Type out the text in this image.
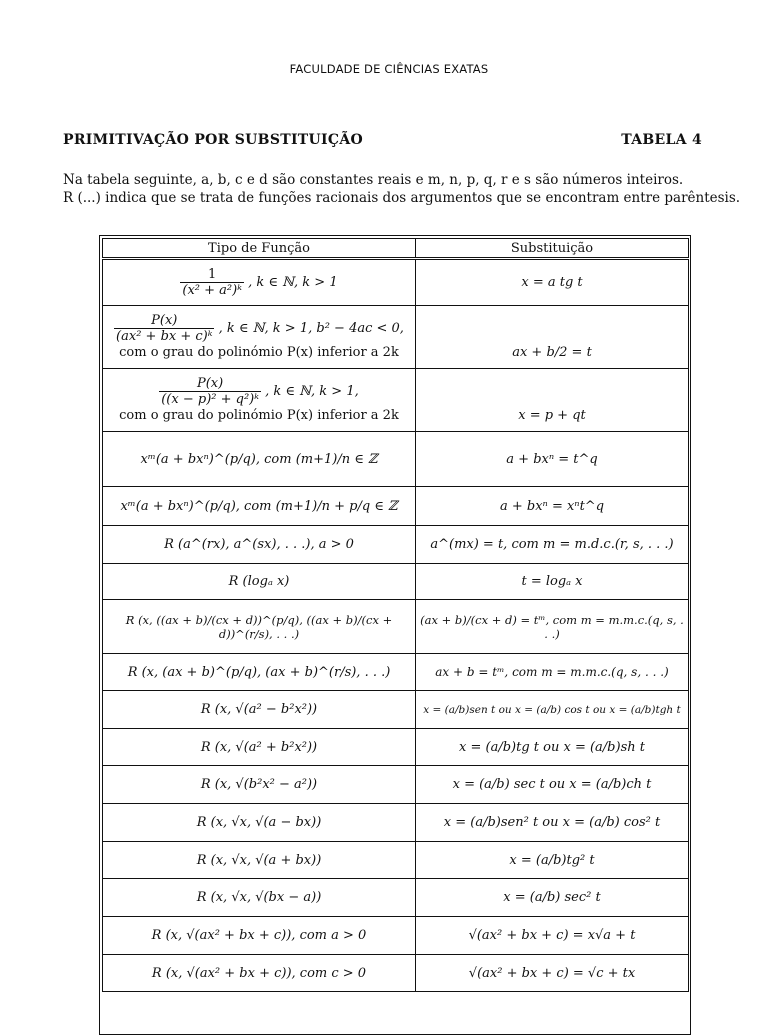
FACULDADE DE CIÊNCIAS EXATAS
PRIMITIVAÇÃO POR SUBSTITUIÇÃO	TABELA 4
Na tabela seguinte, a, b, c e d são constantes reais e m, n, p, q, r e s são números inteiros.
R (...) indica que se trata de funções racionais dos argumentos que se encontram entre parêntesis.
Tipo de Função	Substituição

$\frac{1}{\text{(x² + a²)ᵏ}}$ , k ∈ ℕ, k > 1	x = a tg t

$\frac{P(x)}{\text{(ax² + bx + c)ᵏ}}$ , k ∈ ℕ, k > 1, b² − 4ac < 0,
com o grau do polinómio P(x) inferior a 2k	ax + b/2 = t

$\frac{P(x)}{\text{((x − p)² + q²)ᵏ}}$ , k ∈ ℕ, k > 1,
com o grau do polinómio P(x) inferior a 2k	x = p + qt
xᵐ(a + bxⁿ)^(p/q), com (m+1)/n ∈ ℤ	a + bxⁿ = t^q
xᵐ(a + bxⁿ)^(p/q), com (m+1)/n + p/q ∈ ℤ	a + bxⁿ = xⁿt^q
R (a^(rx), a^(sx), . . .), a > 0	a^(mx) = t, com m = m.d.c.(r, s, . . .)
R (logₐ x)	t = logₐ x
R (x, ((ax + b)/(cx + d))^(p/q), ((ax + b)/(cx + d))^(r/s), . . .)	(ax + b)/(cx + d) = tᵐ, com m = m.m.c.(q, s, . . .)
R (x, (ax + b)^(p/q), (ax + b)^(r/s), . . .)	ax + b = tᵐ, com m = m.m.c.(q, s, . . .)
R (x, √(a² − b²x²))	x = (a/b)sen t ou x = (a/b) cos t ou x = (a/b)tgh t
R (x, √(a² + b²x²))	x = (a/b)tg t ou x = (a/b)sh t
R (x, √(b²x² − a²))	x = (a/b) sec t ou x = (a/b)ch t
R (x, √x, √(a − bx))	x = (a/b)sen² t ou x = (a/b) cos² t
R (x, √x, √(a + bx))	x = (a/b)tg² t
R (x, √x, √(bx − a))	x = (a/b) sec² t
R (x, √(ax² + bx + c)), com a > 0	√(ax² + bx + c) = x√a + t
R (x, √(ax² + bx + c)), com c > 0	√(ax² + bx + c) = √c + tx
